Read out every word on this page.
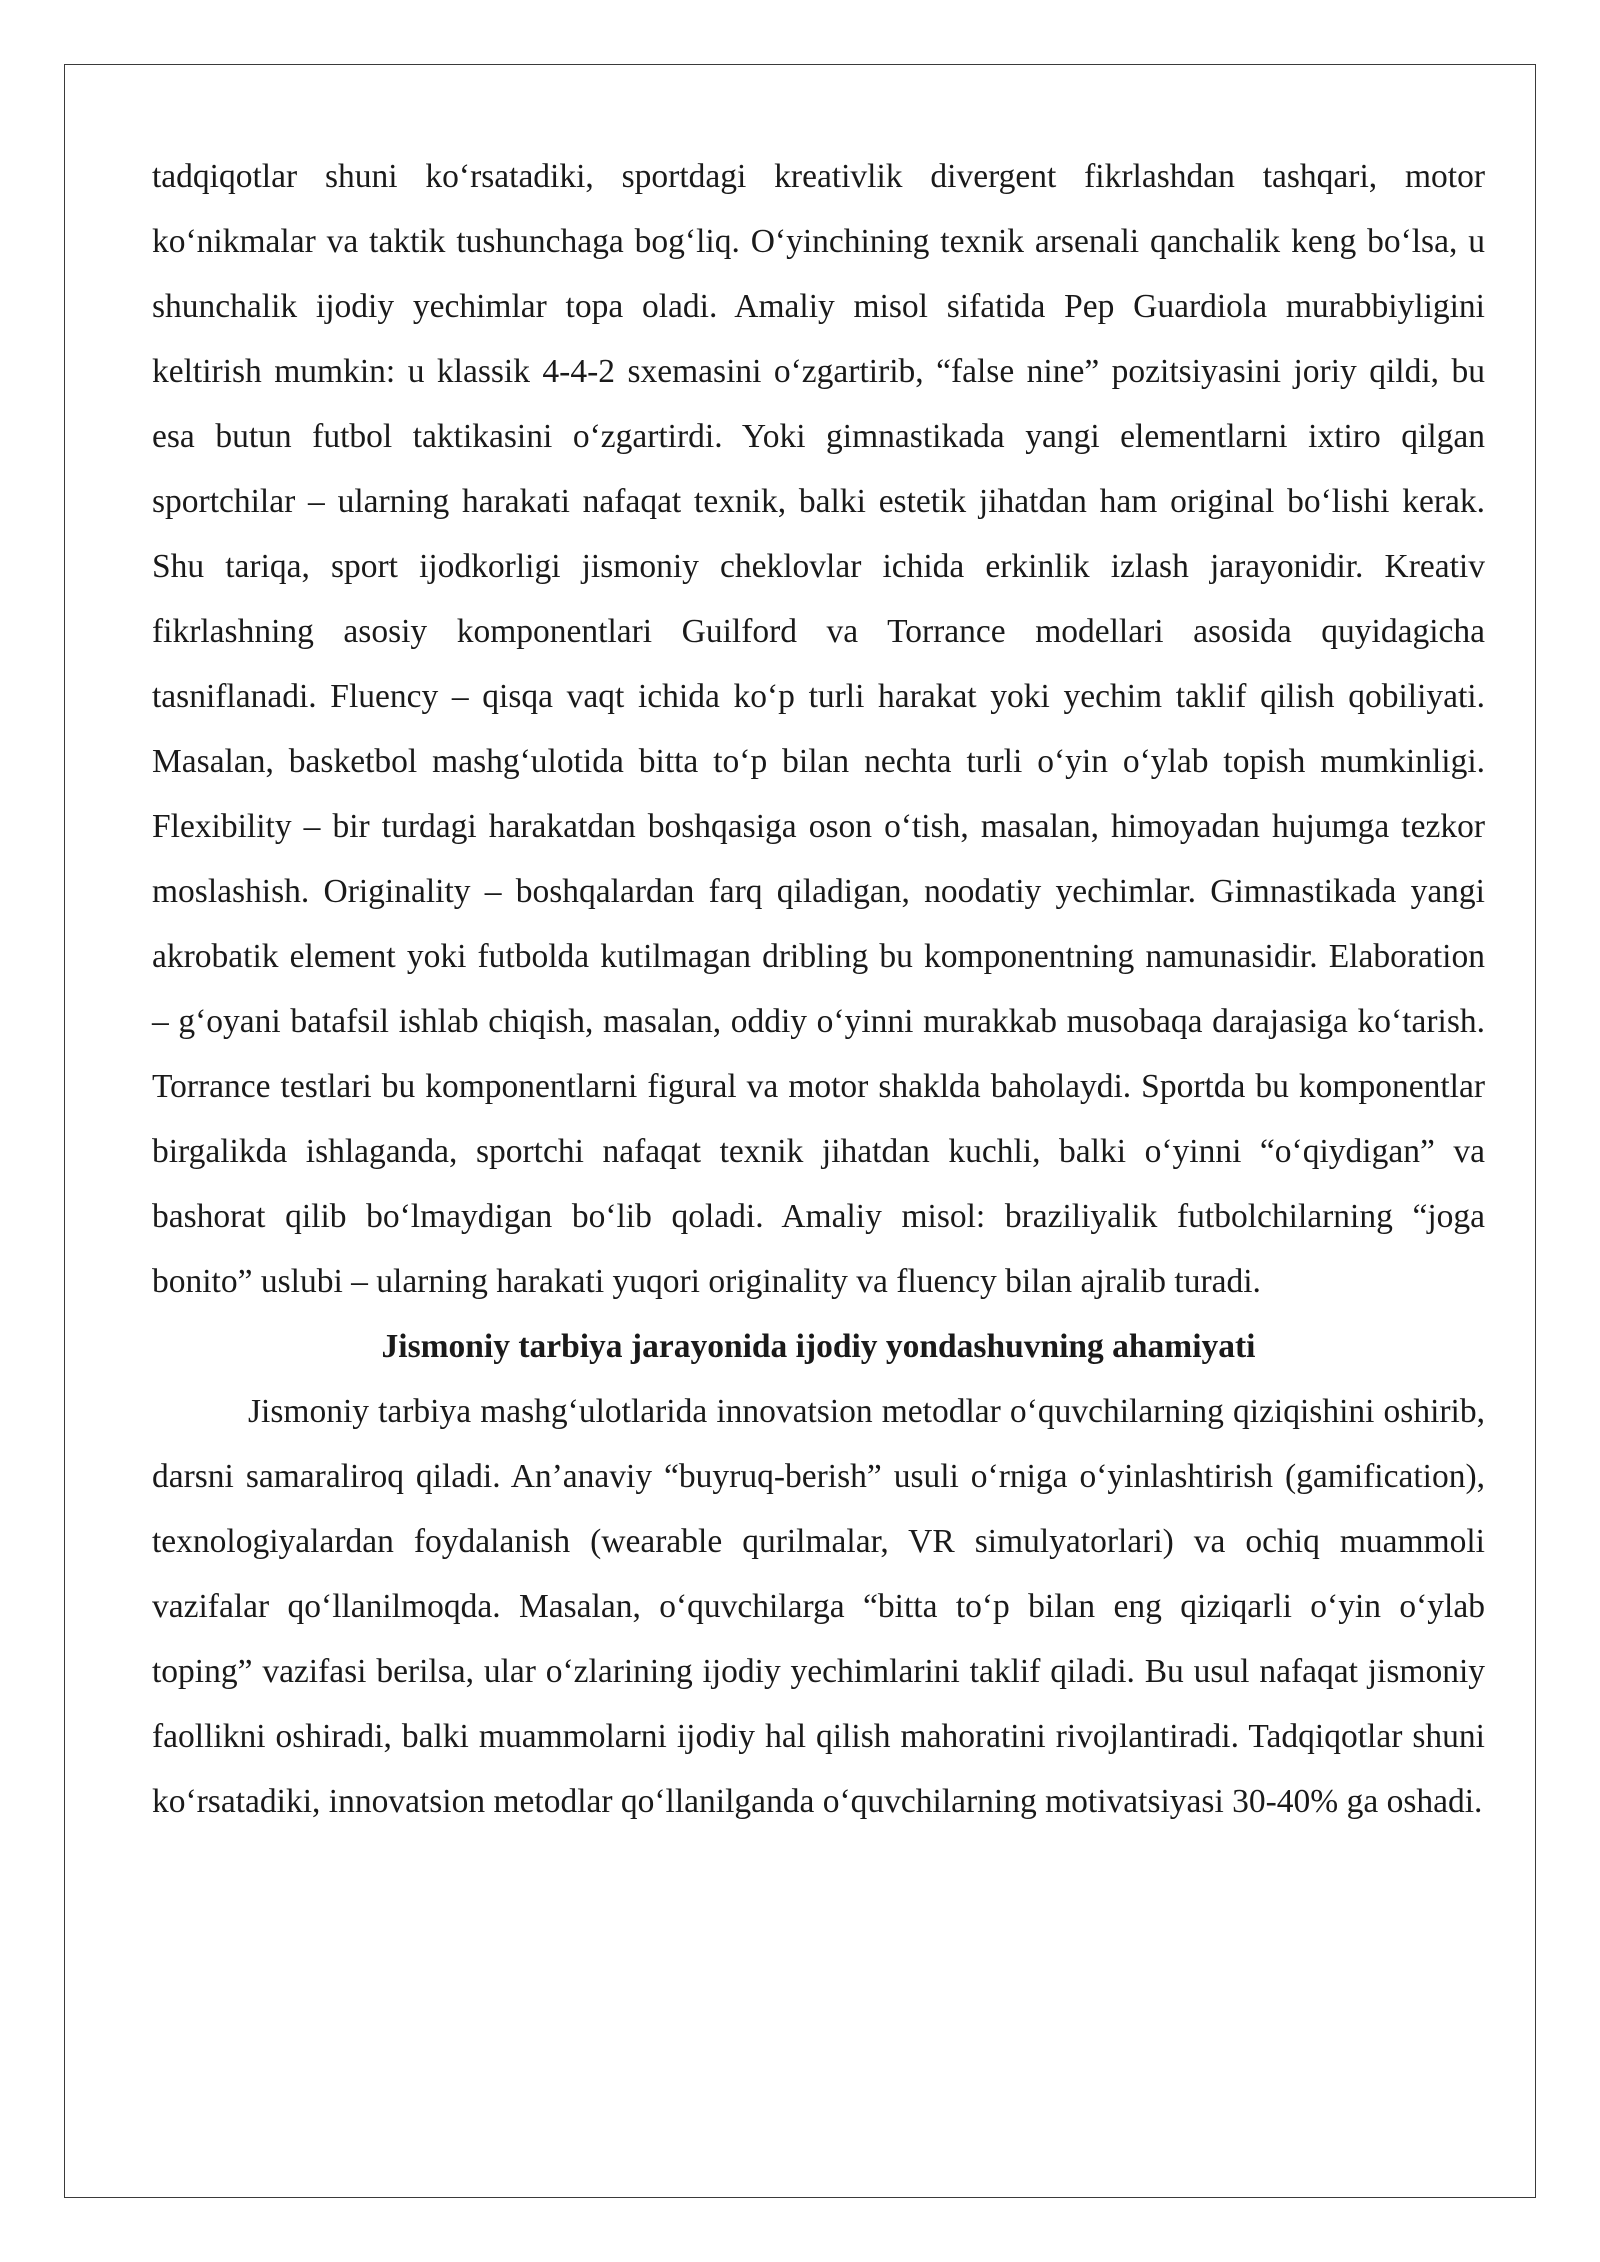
tadqiqotlar shuni ko‘rsatadiki, sportdagi kreativlik divergent fikrlashdan tashqari, motor ko‘nikmalar va taktik tushunchaga bog‘liq. O‘yinchining texnik arsenali qanchalik keng bo‘lsa, u shunchalik ijodiy yechimlar topa oladi. Amaliy misol sifatida Pep Guardiola murabbiyligini keltirish mumkin: u klassik 4-4-2 sxemasini o‘zgartirib, “false nine” pozitsiyasini joriy qildi, bu esa butun futbol taktikasini o‘zgartirdi. Yoki gimnastikada yangi elementlarni ixtiro qilgan sportchilar – ularning harakati nafaqat texnik, balki estetik jihatdan ham original bo‘lishi kerak. Shu tariqa, sport ijodkorligi jismoniy cheklovlar ichida erkinlik izlash jarayonidir. Kreativ fikrlashning asosiy komponentlari Guilford va Torrance modellari asosida quyidagicha tasniflanadi. Fluency – qisqa vaqt ichida ko‘p turli harakat yoki yechim taklif qilish qobiliyati. Masalan, basketbol mashg‘ulotida bitta to‘p bilan nechta turli o‘yin o‘ylab topish mumkinligi. Flexibility – bir turdagi harakatdan boshqasiga oson o‘tish, masalan, himoyadan hujumga tezkor moslashish. Originality – boshqalardan farq qiladigan, noodatiy yechimlar. Gimnastikada yangi akrobatik element yoki futbolda kutilmagan dribling bu komponentning namunasidir. Elaboration – g‘oyani batafsil ishlab chiqish, masalan, oddiy o‘yinni murakkab musobaqa darajasiga ko‘tarish. Torrance testlari bu komponentlarni figural va motor shaklda baholaydi. Sportda bu komponentlar birgalikda ishlaganda, sportchi nafaqat texnik jihatdan kuchli, balki o‘yinni “o‘qiydigan” va bashorat qilib bo‘lmaydigan bo‘lib qoladi. Amaliy misol: braziliyalik futbolchilarning “joga bonito” uslubi – ularning harakati yuqori originality va fluency bilan ajralib turadi.

Jismoniy tarbiya jarayonida ijodiy yondashuvning ahamiyati

Jismoniy tarbiya mashg‘ulotlarida innovatsion metodlar o‘quvchilarning qiziqishini oshirib, darsni samaraliroq qiladi. An’anaviy “buyruq-berish” usuli o‘rniga o‘yinlashtirish (gamification), texnologiyalardan foydalanish (wearable qurilmalar, VR simulyatorlari) va ochiq muammoli vazifalar qo‘llanilmoqda. Masalan, o‘quvchilarga “bitta to‘p bilan eng qiziqarli o‘yin o‘ylab toping” vazifasi berilsa, ular o‘zlarining ijodiy yechimlarini taklif qiladi. Bu usul nafaqat jismoniy faollikni oshiradi, balki muammolarni ijodiy hal qilish mahoratini rivojlantiradi. Tadqiqotlar shuni ko‘rsatadiki, innovatsion metodlar qo‘llanilganda o‘quvchilarning motivatsiyasi 30-40% ga oshadi.
